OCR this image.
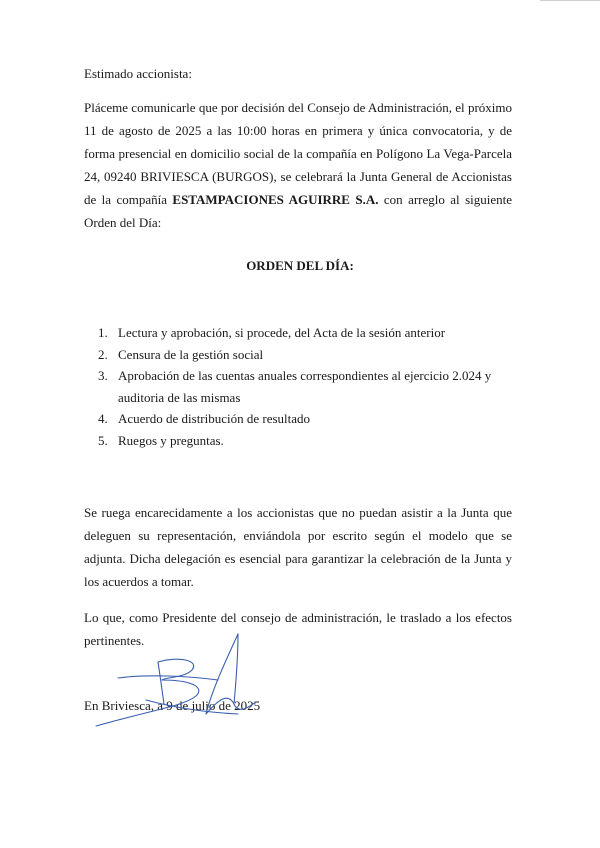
Estimado accionista:

Pláceme comunicarle que por decisión del Consejo de Administración, el próximo 11 de agosto de 2025 a las 10:00 horas en primera y única convocatoria, y de forma presencial en domicilio social de la compañía en Polígono La Vega-Parcela 24, 09240 BRIVIESCA (BURGOS), se celebrará la Junta General de Accionistas de la compañía ESTAMPACIONES AGUIRRE S.A. con arreglo al siguiente Orden del Día:

ORDEN DEL DÍA:

1. Lectura y aprobación, si procede, del Acta de la sesión anterior
2. Censura de la gestión social
3. Aprobación de las cuentas anuales correspondientes al ejercicio 2.024 y auditoria de las mismas
4. Acuerdo de distribución de resultado
5. Ruegos y preguntas.

Se ruega encarecidamente a los accionistas que no puedan asistir a la Junta que deleguen su representación, enviándola por escrito según el modelo que se adjunta. Dicha delegación es esencial para garantizar la celebración de la Junta y los acuerdos a tomar.

Lo que, como Presidente del consejo de administración, le traslado a los efectos pertinentes.

En Briviesca, a 9 de julio de 2025
